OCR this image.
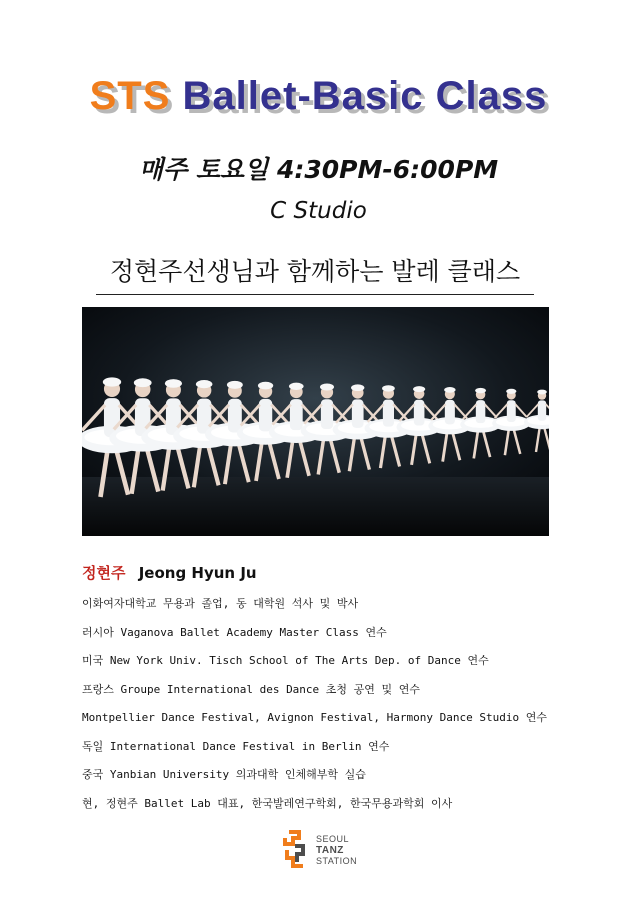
STS Ballet-Basic Class
매주 토요일 4:30PM-6:00PM
C Studio
정현주선생님과 함께하는 발레 클래스
정현주 Jeong Hyun Ju
이화여자대학교 무용과 졸업, 동 대학원 석사 및 박사
러시아 Vaganova Ballet Academy Master Class 연수
미국 New York Univ. Tisch School of The Arts Dep. of Dance 연수
프랑스 Groupe International des Dance 초청 공연 및 연수
Montpellier Dance Festival, Avignon Festival, Harmony Dance Studio 연수
독일 International Dance Festival in Berlin 연수
중국 Yanbian University 의과대학 인체해부학 실습
현, 정현주 Ballet Lab 대표, 한국발레연구학회, 한국무용과학회 이사
SEOUL
TANZ
STATION
